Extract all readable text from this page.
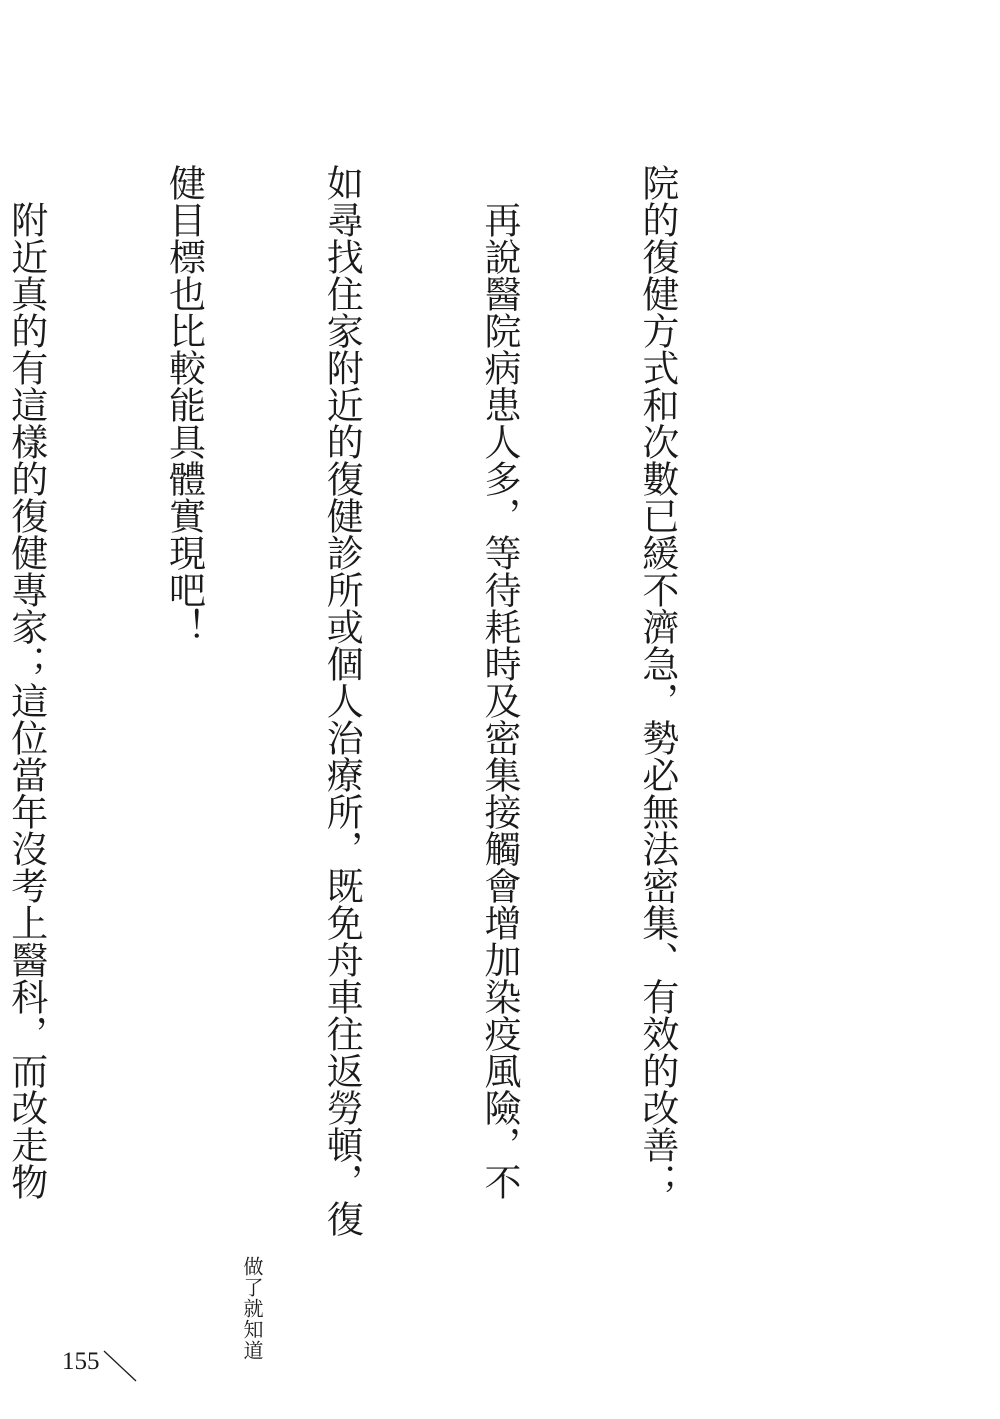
院的復健方式和次數已緩不濟急，勢必無法密集、有效的改善；

　再說醫院病患人多，等待耗時及密集接觸會增加染疫風險，不

如尋找住家附近的復健診所或個人治療所，既免舟車往返勞頓，復

健目標也比較能具體實現吧！

　附近真的有這樣的復健專家；這位當年沒考上醫科，而改走物

做了就知道
155
